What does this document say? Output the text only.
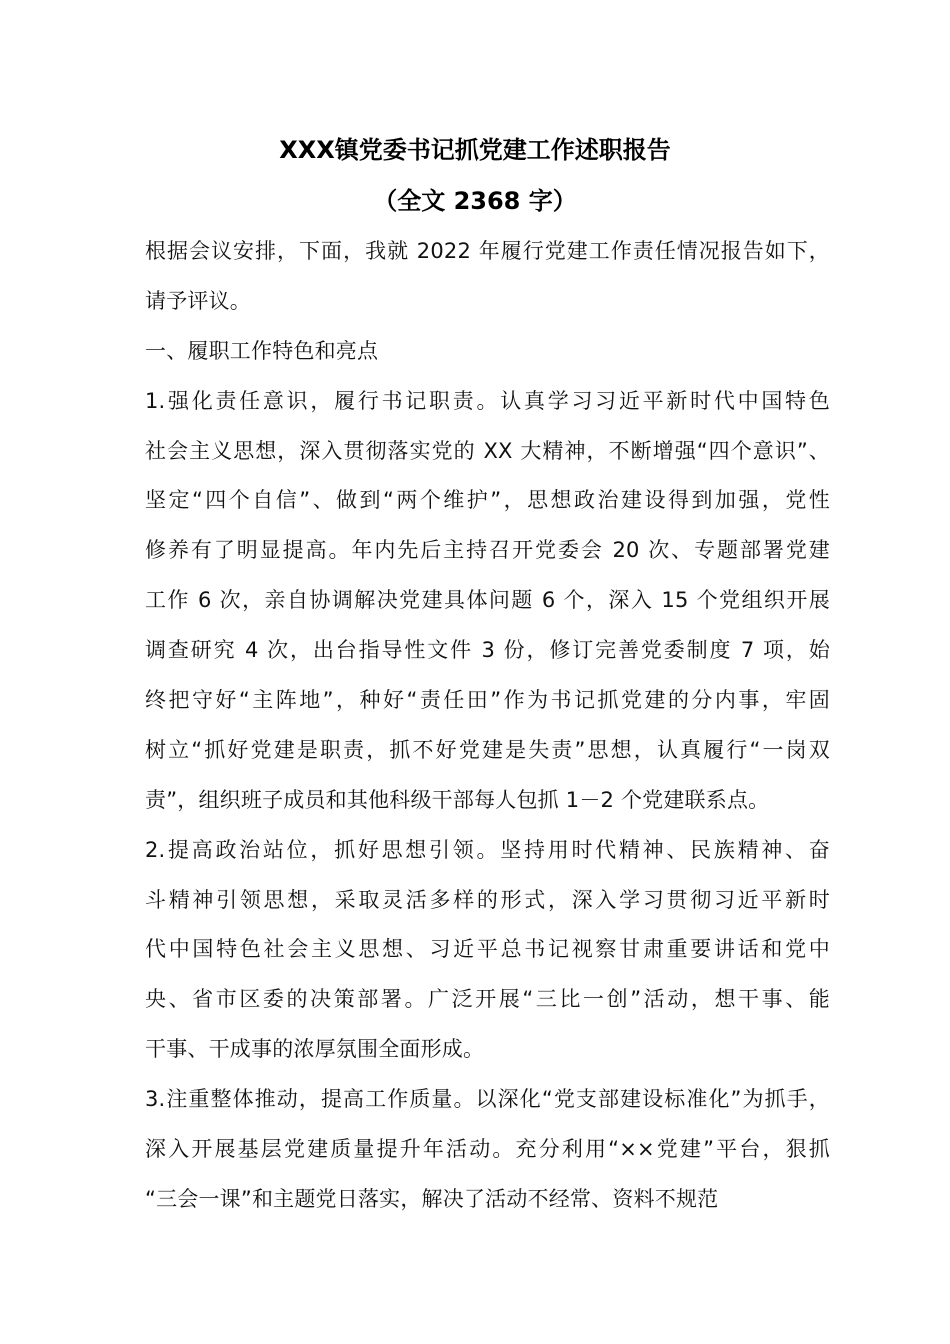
XXX镇党委书记抓党建工作述职报告
（全文 2368 字）
根据会议安排，下面，我就 2022 年履行党建工作责任情况报告如下，
请予评议。
一、履职工作特色和亮点
1.强化责任意识，履行书记职责。认真学习习近平新时代中国特色
社会主义思想，深入贯彻落实党的 XX 大精神，不断增强“四个意识”、
坚定“四个自信”、做到“两个维护”，思想政治建设得到加强，党性
修养有了明显提高。年内先后主持召开党委会 20 次、专题部署党建
工作 6 次，亲自协调解决党建具体问题 6 个，深入 15 个党组织开展
调查研究 4 次，出台指导性文件 3 份，修订完善党委制度 7 项，始
终把守好“主阵地”，种好“责任田”作为书记抓党建的分内事，牢固
树立“抓好党建是职责，抓不好党建是失责”思想，认真履行“一岗双
责”，组织班子成员和其他科级干部每人包抓 1－2 个党建联系点。
2.提高政治站位，抓好思想引领。坚持用时代精神、民族精神、奋
斗精神引领思想，采取灵活多样的形式，深入学习贯彻习近平新时
代中国特色社会主义思想、习近平总书记视察甘肃重要讲话和党中
央、省市区委的决策部署。广泛开展“三比一创”活动，想干事、能
干事、干成事的浓厚氛围全面形成。
3.注重整体推动，提高工作质量。以深化“党支部建设标准化”为抓手，
深入开展基层党建质量提升年活动。充分利用“××党建”平台，狠抓
“三会一课”和主题党日落实，解决了活动不经常、资料不规范
